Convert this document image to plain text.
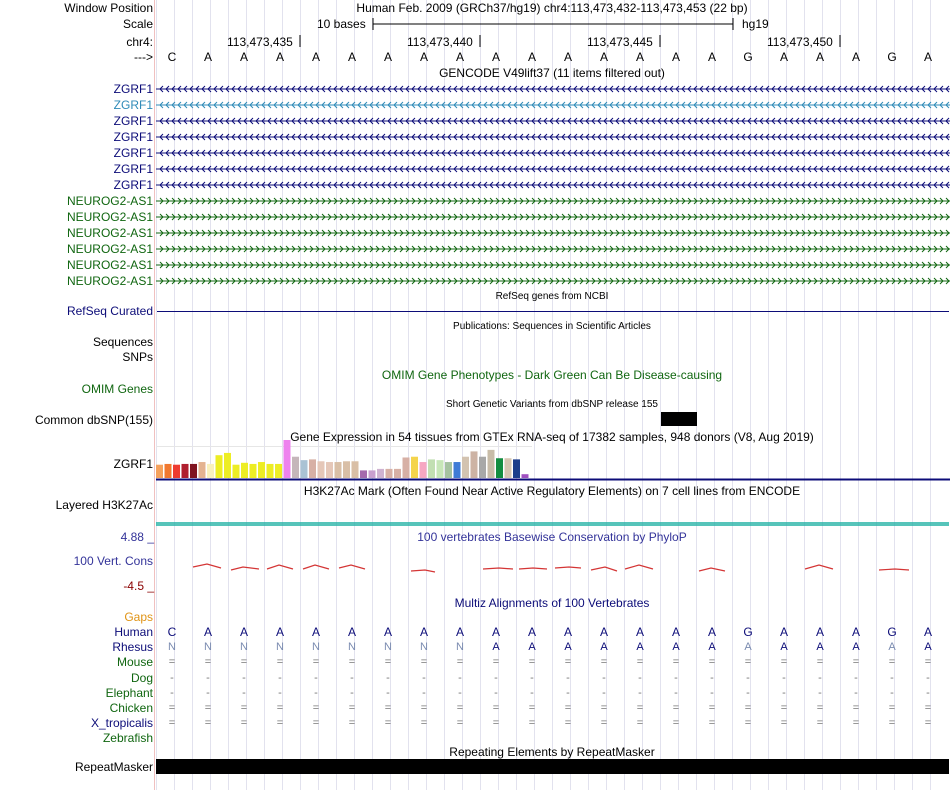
Window Position	Human Feb. 2009 (GRCh37/hg19) chr4:113,473,432-113,473,453 (22 bp)
Scale	10 bases	hg19
chr4:	113,473,435	113,473,440	113,473,445	113,473,450
--->	C	A	A	A	A	A	A	A	A	A	A	A	A	A	A	A	G	A	A	A	G	A
GENCODE V49lift37 (11 items filtered out)
ZGRF1
ZGRF1
ZGRF1
ZGRF1
ZGRF1
ZGRF1
ZGRF1
NEUROG2-AS1
NEUROG2-AS1
NEUROG2-AS1
NEUROG2-AS1
NEUROG2-AS1
NEUROG2-AS1
RefSeq genes from NCBI
RefSeq Curated
Publications: Sequences in Scientific Articles
Sequences
SNPs
OMIM Gene Phenotypes - Dark Green Can Be Disease-causing
OMIM Genes
Short Genetic Variants from dbSNP release 155
Common dbSNP(155)
Gene Expression in 54 tissues from GTEx RNA-seq of 17382 samples, 948 donors (V8, Aug 2019)
ZGRF1
H3K27Ac Mark (Often Found Near Active Regulatory Elements) on 7 cell lines from ENCODE
Layered H3K27Ac
100 vertebrates Basewise Conservation by PhyloP
4.88 _
100 Vert. Cons
-4.5 _
Gaps
Multiz Alignments of 100 Vertebrates
Human	C	A	A	A	A	A	A	A	A	A	A	A	A	A	A	A	G	A	A	A	G	A
Rhesus	N	N	N	N	N	N	N	N	N	A	A	A	A	A	A	A	A	A	A	A	A	A
Mouse	=	=	=	=	=	=	=	=	=	=	=	=	=	=	=	=	=	=	=	=	=	=
Dog	-	-	-	-	-	-	-	-	-	-	-	-	-	-	-	-	-	-	-	-	-	-
Elephant	-	-	-	-	-	-	-	-	-	-	-	-	-	-	-	-	-	-	-	-	-	-
Chicken	=	=	=	=	=	=	=	=	=	=	=	=	=	=	=	=	=	=	=	=	=	=
X_tropicalis	=	=	=	=	=	=	=	=	=	=	=	=	=	=	=	=	=	=	=	=	=	=
Zebrafish
Repeating Elements by RepeatMasker
RepeatMasker
